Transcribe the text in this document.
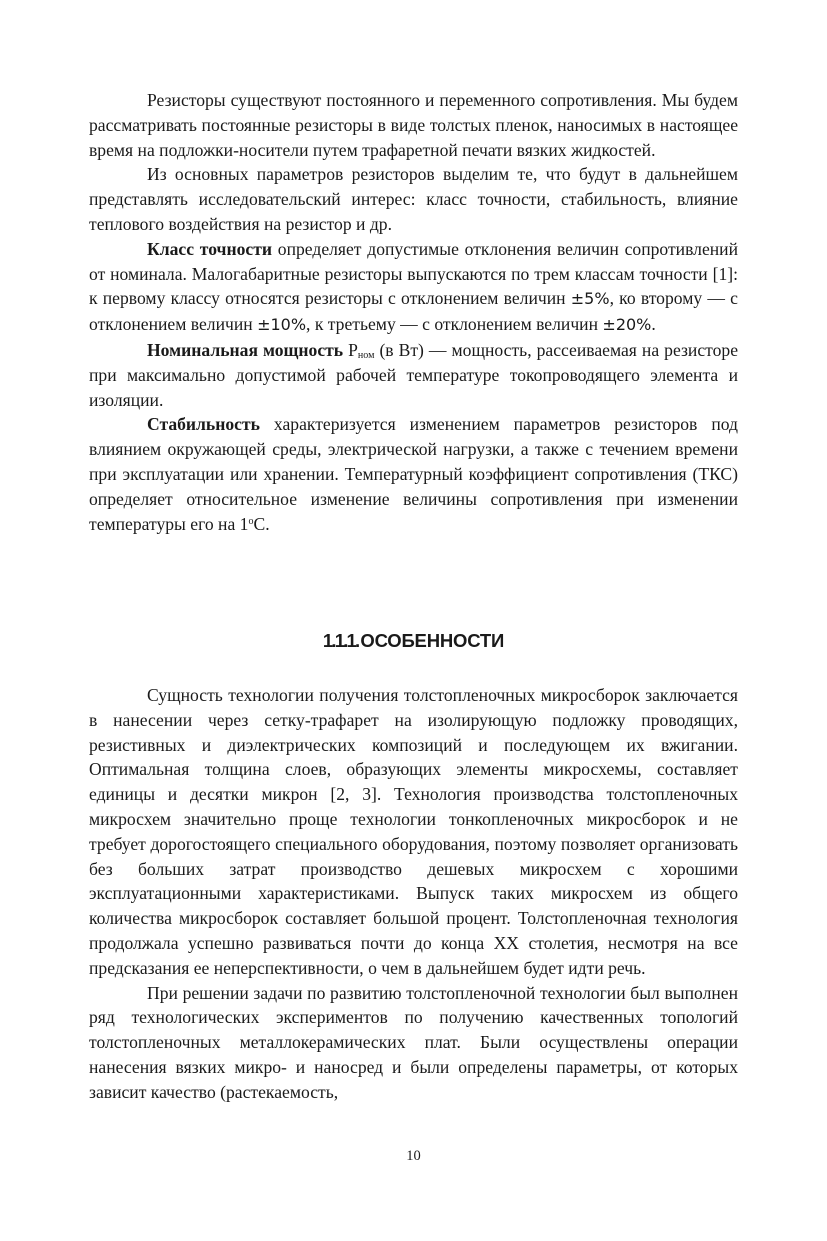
Резисторы существуют постоянного и переменного сопротивления. Мы будем рассматривать постоянные резисторы в виде толстых пленок, наносимых в настоящее время на подложки-носители путем трафаретной печати вязких жидкостей.

Из основных параметров резисторов выделим те, что будут в дальнейшем представлять исследовательский интерес: класс точности, стабильность, влияние теплового воздействия на резистор и др.

Класс точности определяет допустимые отклонения величин сопротивлений от номинала. Малогабаритные резисторы выпускаются по трем классам точности [1]: к первому классу относятся резисторы с отклонением величин ±5%, ко второму — с отклонением величин ±10%, к третьему — с отклонением величин ±20%.

Номинальная мощность $P_{ном}$ (в Вт) — мощность, рассеиваемая на резисторе при максимально допустимой рабочей температуре токопроводящего элемента и изоляции.

Стабильность характеризуется изменением параметров резисторов под влиянием окружающей среды, электрической нагрузки, а также с течением времени при эксплуатации или хранении. Температурный коэффициент сопротивления (ТКС) определяет относительное изменение величины сопротивления при изменении температуры его на 1$^o$С.

1.1.1. ОСОБЕННОСТИ

Сущность технологии получения толстопленочных микросборок заключается в нанесении через сетку-трафарет на изолирующую подложку проводящих, резистивных и диэлектрических композиций и последующем их вжигании. Оптимальная толщина слоев, образующих элементы микросхемы, составляет единицы и десятки микрон [2, 3]. Технология производства толстопленочных микросхем значительно проще технологии тонкопленочных микросборок и не требует дорогостоящего специального оборудования, поэтому позволяет организовать без больших затрат производство дешевых микросхем с хорошими эксплуатационными характеристиками. Выпуск таких микросхем из общего количества микросборок составляет большой процент. Толстопленочная технология продолжала успешно развиваться почти до конца XX столетия, несмотря на все предсказания ее неперспективности, о чем в дальнейшем будет идти речь.

При решении задачи по развитию толстопленочной технологии был выполнен ряд технологических экспериментов по получению качественных топологий толстопленочных металлокерамических плат. Были осуществлены операции нанесения вязких микро- и наносред и были определены параметры, от которых зависит качество (растекаемость,

10
